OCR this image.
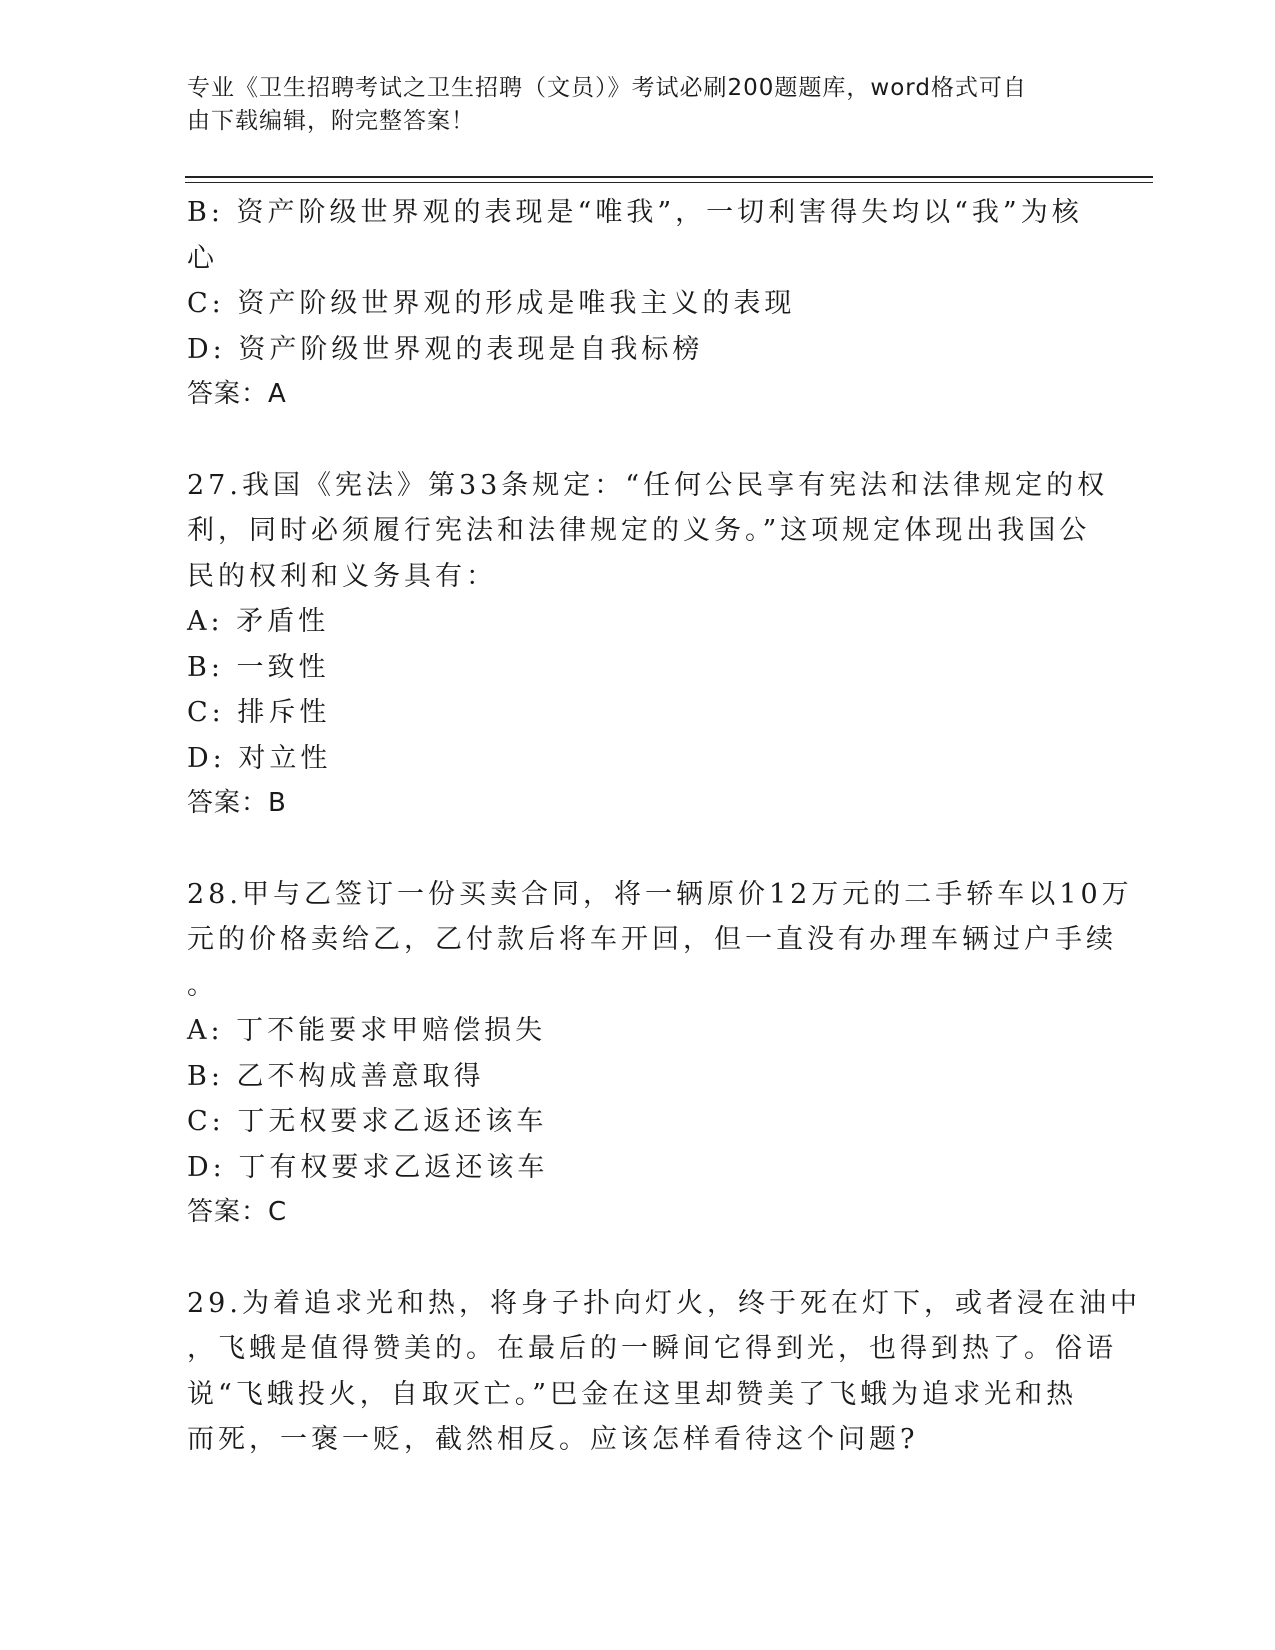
专业《卫生招聘考试之卫生招聘（文员）》考试必刷200题题库，word格式可自
由下载编辑，附完整答案！
B: 资产阶级世界观的表现是“唯我”，一切利害得失均以“我”为核
心
C: 资产阶级世界观的形成是唯我主义的表现
D: 资产阶级世界观的表现是自我标榜
答案：A
27.我国《宪法》第33条规定：“任何公民享有宪法和法律规定的权
利，同时必须履行宪法和法律规定的义务。”这项规定体现出我国公
民的权利和义务具有：
A: 矛盾性
B: 一致性
C: 排斥性
D: 对立性
答案：B
28.甲与乙签订一份买卖合同，将一辆原价12万元的二手轿车以10万
元的价格卖给乙，乙付款后将车开回，但一直没有办理车辆过户手续
。
A: 丁不能要求甲赔偿损失
B: 乙不构成善意取得
C: 丁无权要求乙返还该车
D: 丁有权要求乙返还该车
答案：C
29.为着追求光和热，将身子扑向灯火，终于死在灯下，或者浸在油中
，飞蛾是值得赞美的。在最后的一瞬间它得到光，也得到热了。俗语
说“飞蛾投火，自取灭亡。”巴金在这里却赞美了飞蛾为追求光和热
而死，一褒一贬，截然相反。应该怎样看待这个问题?
